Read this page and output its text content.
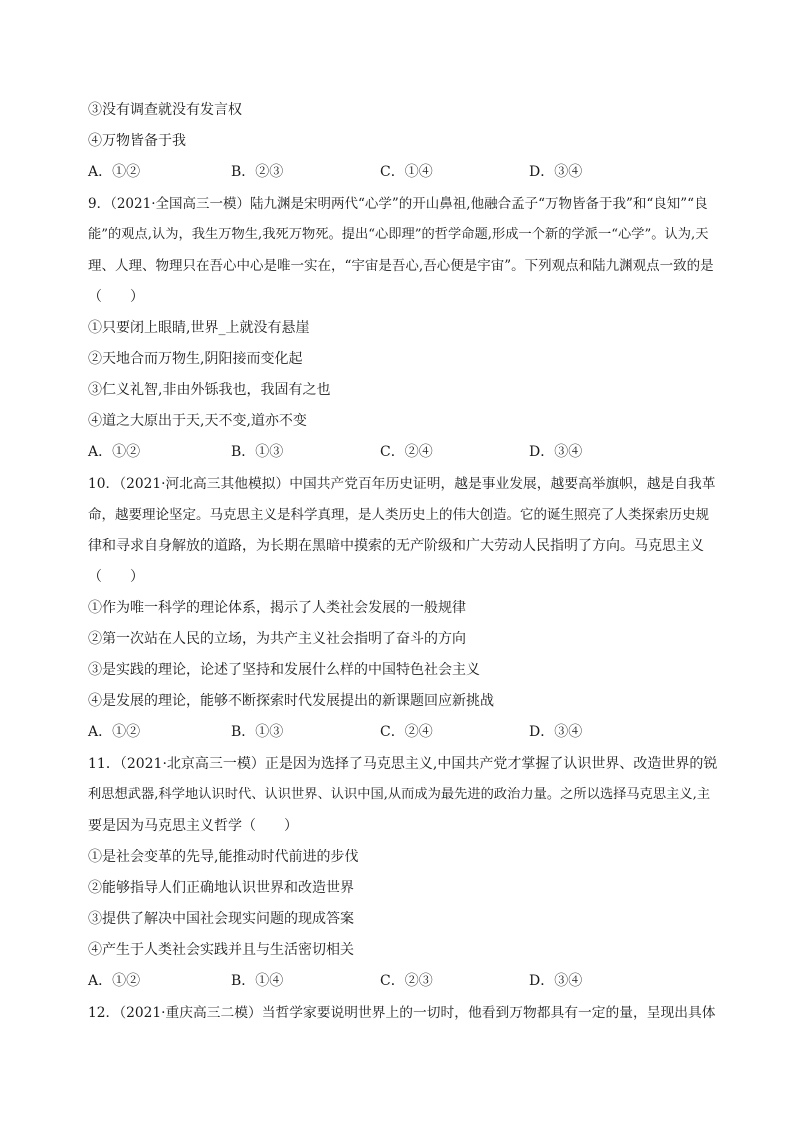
③没有调查就没有发言权
④万物皆备于我
A．①②	B．②③	C．①④	D．③④
9．（2021·全国高三一模）陆九渊是宋明两代“心学”的开山鼻祖,他融合孟子“万物皆备于我”和“良知”“良
能”的观点,认为，我生万物生,我死万物死。提出“心即理”的哲学命题,形成一个新的学派一“心学”。认为,天
理、人理、物理只在吾心中心是唯一实在，“宇宙是吾心,吾心便是宇宙”。下列观点和陆九渊观点一致的是
（　　）
①只要闭上眼睛,世界_上就没有悬崖
②天地合而万物生,阴阳接而变化起
③仁义礼智,非由外铄我也，我固有之也
④道之大原出于天,天不变,道亦不变
A．①②	B．①③	C．②④	D．③④
10．（2021·河北高三其他模拟）中国共产党百年历史证明，越是事业发展，越要高举旗帜，越是自我革
命，越要理论坚定。马克思主义是科学真理，是人类历史上的伟大创造。它的诞生照亮了人类探索历史规
律和寻求自身解放的道路，为长期在黑暗中摸索的无产阶级和广大劳动人民指明了方向。马克思主义
（　　）
①作为唯一科学的理论体系，揭示了人类社会发展的一般规律
②第一次站在人民的立场，为共产主义社会指明了奋斗的方向
③是实践的理论，论述了坚持和发展什么样的中国特色社会主义
④是发展的理论，能够不断探索时代发展提出的新课题回应新挑战
A．①②	B．①③	C．②④	D．③④
11．（2021·北京高三一模）正是因为选择了马克思主义,中国共产党才掌握了认识世界、改造世界的锐
利思想武器,科学地认识时代、认识世界、认识中国,从而成为最先进的政治力量。之所以选择马克思主义,主
要是因为马克思主义哲学（　　）
①是社会变革的先导,能推动时代前进的步伐
②能够指导人们正确地认识世界和改造世界
③提供了解决中国社会现实问题的现成答案
④产生于人类社会实践并且与生活密切相关
A．①②	B．①④	C．②③	D．③④
12．（2021·重庆高三二模）当哲学家要说明世界上的一切时，他看到万物都具有一定的量，呈现出具体
